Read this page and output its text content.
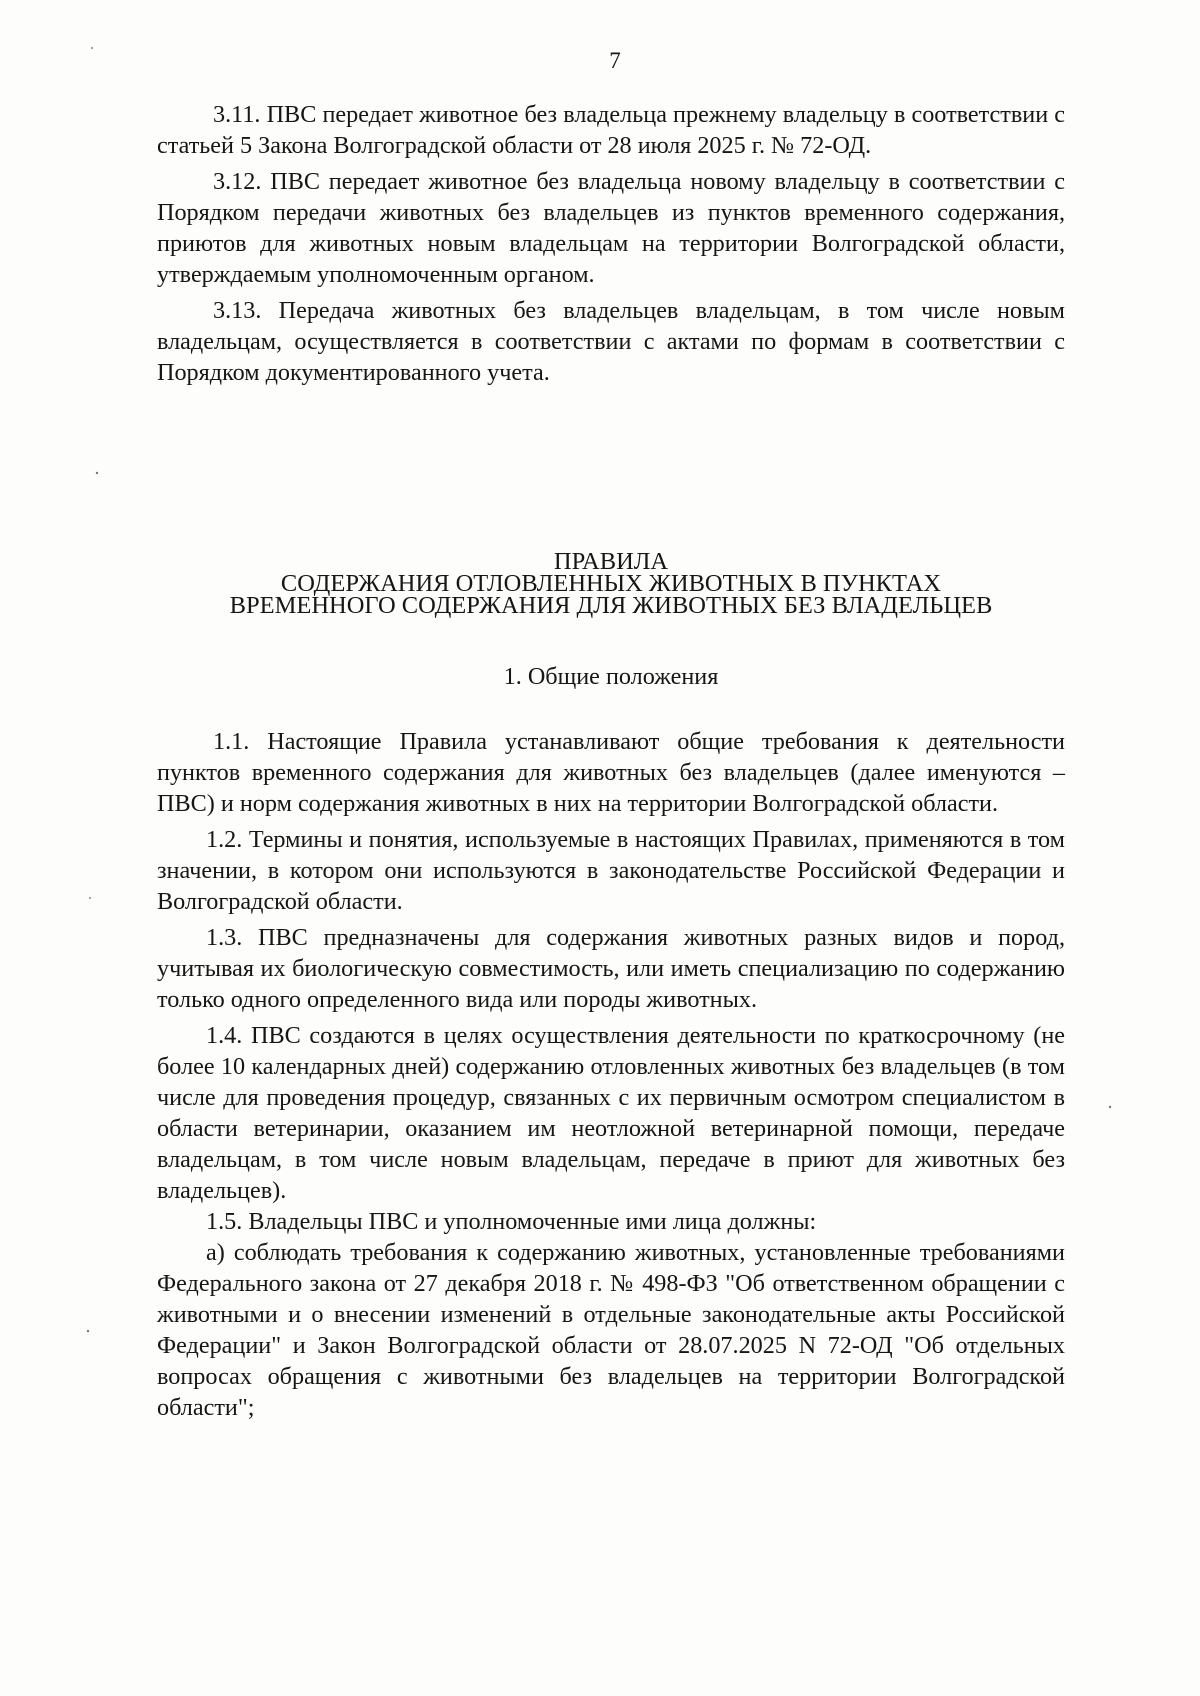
7

3.11. ПВС передает животное без владельца прежнему владельцу в соответствии с статьей 5 Закона Волгоградской области от 28 июля 2025 г. № 72-ОД.

3.12. ПВС передает животное без владельца новому владельцу в соответствии с Порядком передачи животных без владельцев из пунктов временного содержания, приютов для животных новым владельцам на территории Волгоградской области, утверждаемым уполномоченным органом.

3.13. Передача животных без владельцев владельцам, в том числе новым владельцам, осуществляется в соответствии с актами по формам в соответствии с Порядком документированного учета.

ПРАВИЛА
СОДЕРЖАНИЯ ОТЛОВЛЕННЫХ ЖИВОТНЫХ В ПУНКТАХ
ВРЕМЕННОГО СОДЕРЖАНИЯ ДЛЯ ЖИВОТНЫХ БЕЗ ВЛАДЕЛЬЦЕВ
1. Общие положения

1.1. Настоящие Правила устанавливают общие требования к деятельности пунктов временного содержания для животных без владельцев (далее именуются – ПВС) и норм содержания животных в них на территории Волгоградской области.

1.2. Термины и понятия, используемые в настоящих Правилах, применяются в том значении, в котором они используются в законодательстве Российской Федерации и Волгоградской области.

1.3. ПВС предназначены для содержания животных разных видов и пород, учитывая их биологическую совместимость, или иметь специализацию по содержанию только одного определенного вида или породы животных.

1.4. ПВС создаются в целях осуществления деятельности по краткосрочному (не более 10 календарных дней) содержанию отловленных животных без владельцев (в том числе для проведения процедур, связанных с их первичным осмотром специалистом в области ветеринарии, оказанием им неотложной ветеринарной помощи, передаче владельцам, в том числе новым владельцам, передаче в приют для животных без владельцев).

1.5. Владельцы ПВС и уполномоченные ими лица должны:

а) соблюдать требования к содержанию животных, установленные требованиями Федерального закона от 27 декабря 2018 г. № 498-ФЗ "Об ответственном обращении с животными и о внесении изменений в отдельные законодательные акты Российской Федерации" и Закон Волгоградской области от 28.07.2025 N 72-ОД "Об отдельных вопросах обращения с животными без владельцев на территории Волгоградской области";
